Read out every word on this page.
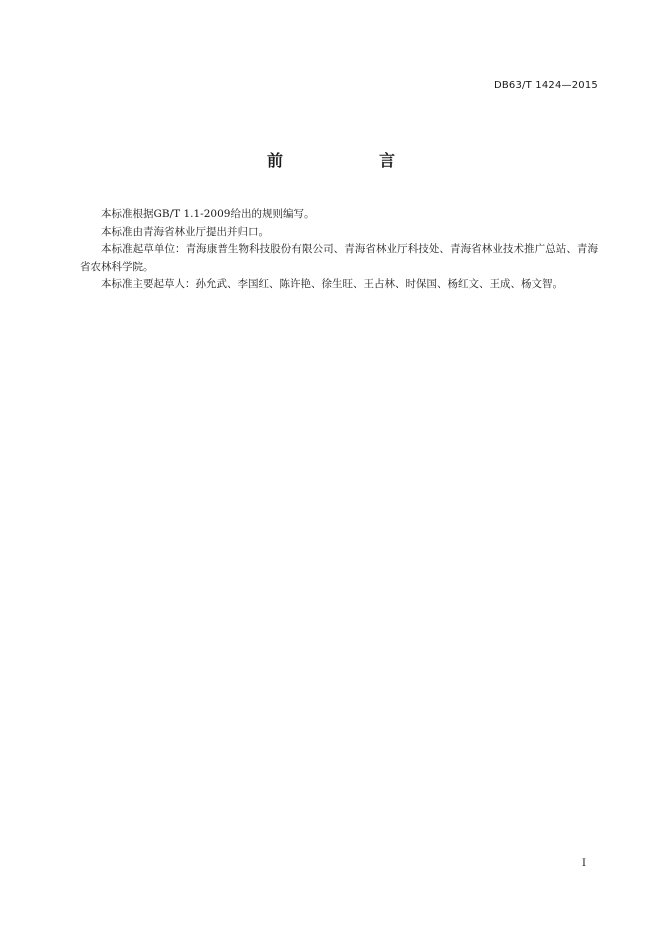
DB63/T 1424—2015
前　言

本标准根据GB/T 1.1-2009给出的规则编写。

本标准由青海省林业厅提出并归口。

本标准起草单位：青海康普生物科技股份有限公司、青海省林业厅科技处、青海省林业技术推广总站、青海省农林科学院。

本标准主要起草人：孙允武、李国红、陈许艳、徐生旺、王占林、时保国、杨红文、王成、杨文智。

I
